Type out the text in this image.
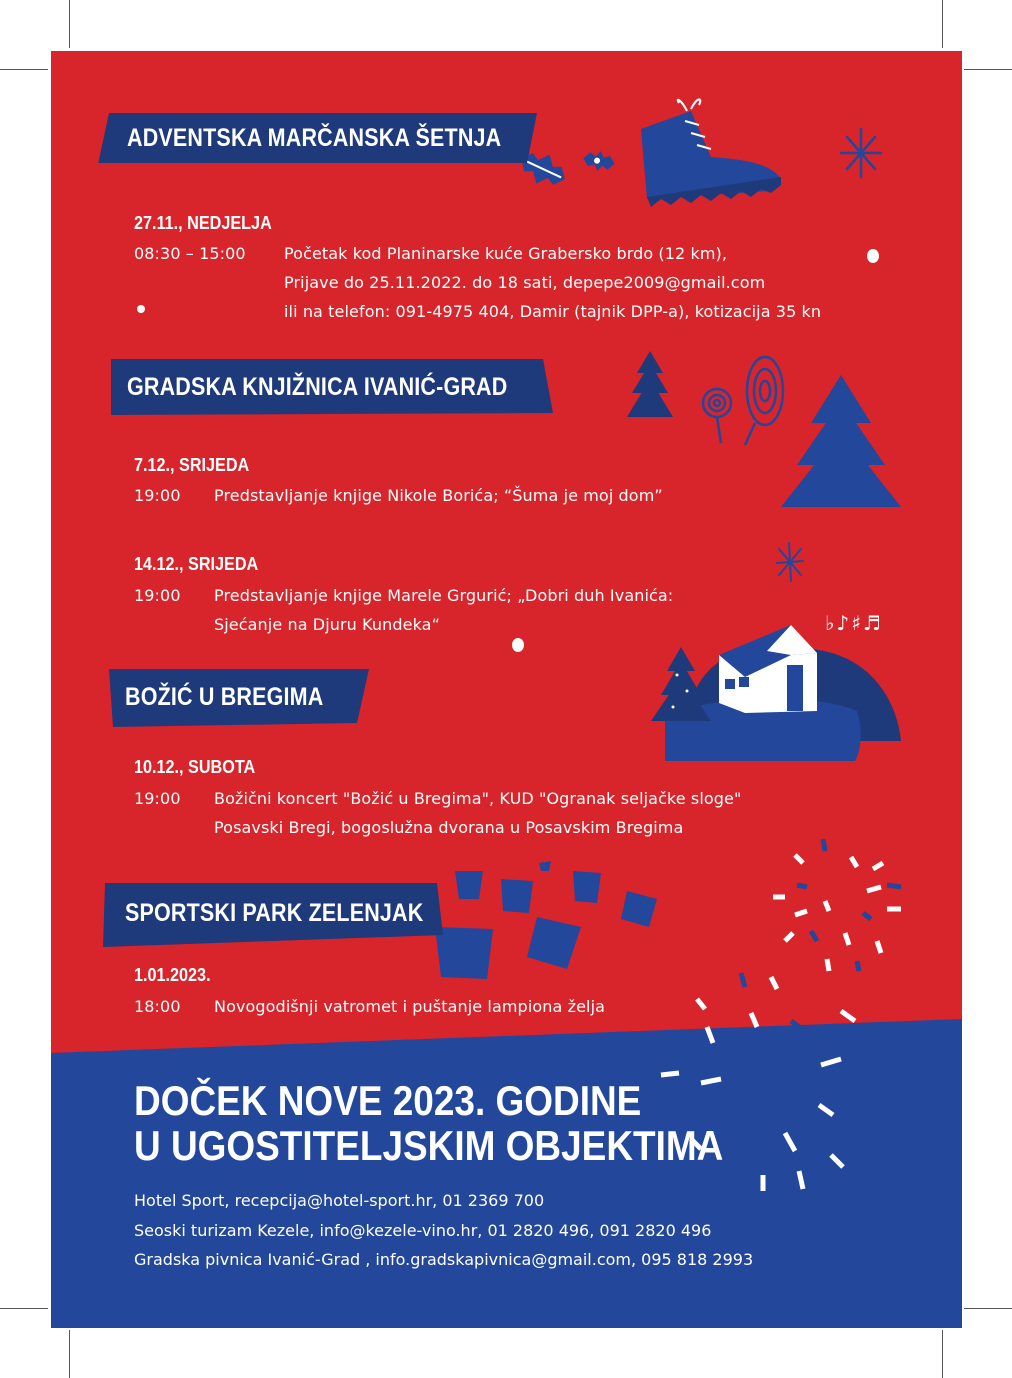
♭♪♯♬
ADVENTSKA MARČANSKA ŠETNJA
27.11., NEDJELJA
08:30 – 15:00 Početak kod Planinarske kuće Grabersko brdo (12 km),
Prijave do 25.11.2022. do 18 sati, depepe2009@gmail.com
ili na telefon: 091-4975 404, Damir (tajnik DPP-a), kotizacija 35 kn
GRADSKA KNJIŽNICA IVANIĆ-GRAD
7.12., SRIJEDA
19:00 Predstavljanje knjige Nikole Borića; “Šuma je moj dom”
14.12., SRIJEDA
19:00 Predstavljanje knjige Marele Grgurić; „Dobri duh Ivanića:
Sjećanje na Djuru Kundeka“
BOŽIĆ U BREGIMA
10.12., SUBOTA
19:00 Božični koncert "Božić u Bregima", KUD "Ogranak seljačke sloge"
Posavski Bregi, bogoslužna dvorana u Posavskim Bregima
SPORTSKI PARK ZELENJAK
1.01.2023.
18:00 Novogodišnji vatromet i puštanje lampiona želja
DOČEK NOVE 2023. GODINE
U UGOSTITELJSKIM OBJEKTIMA
Hotel Sport, recepcija@hotel-sport.hr, 01 2369 700
Seoski turizam Kezele, info@kezele-vino.hr, 01 2820 496, 091 2820 496
Gradska pivnica Ivanić-Grad , info.gradskapivnica@gmail.com, 095 818 2993
